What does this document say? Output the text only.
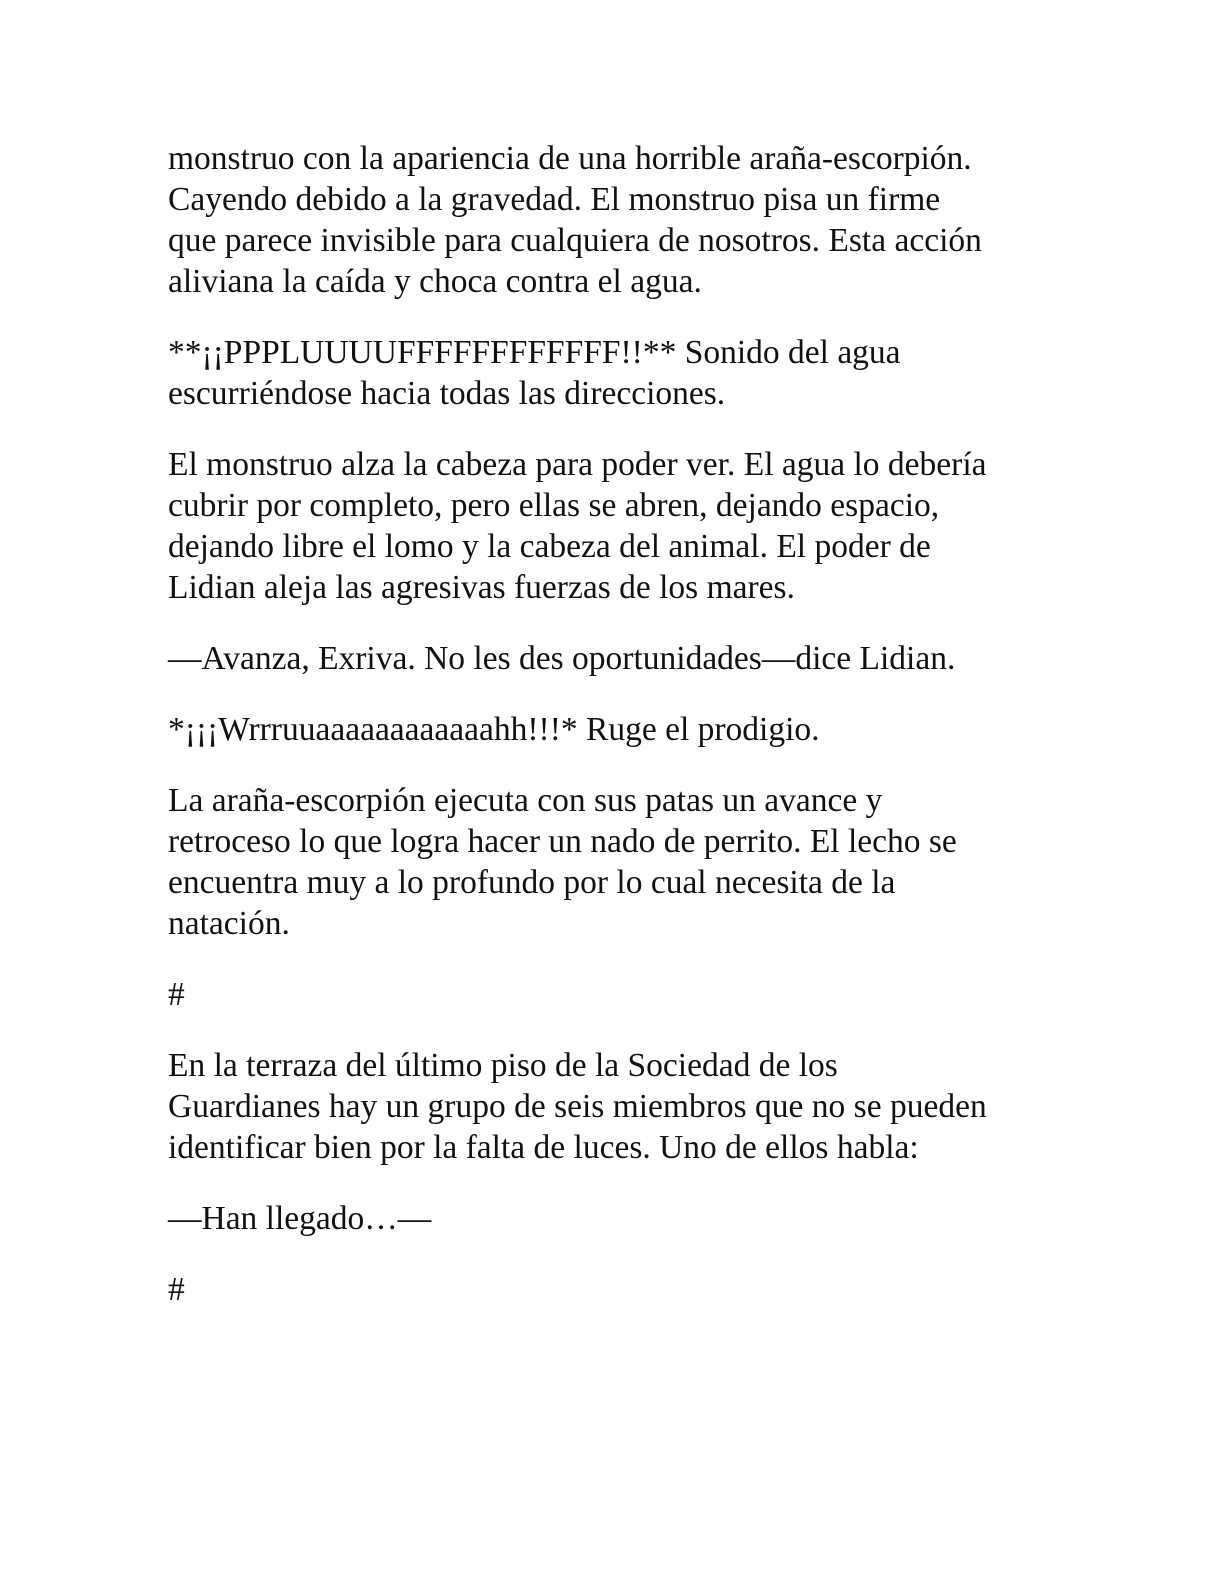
monstruo con la apariencia de una horrible araña-escorpión.
Cayendo debido a la gravedad. El monstruo pisa un firme
que parece invisible para cualquiera de nosotros. Esta acción
aliviana la caída y choca contra el agua.

**¡¡PPPLUUUUFFFFFFFFFFFF!!** Sonido del agua
escurriéndose hacia todas las direcciones.

El monstruo alza la cabeza para poder ver. El agua lo debería
cubrir por completo, pero ellas se abren, dejando espacio,
dejando libre el lomo y la cabeza del animal. El poder de
Lidian aleja las agresivas fuerzas de los mares.

—Avanza, Exriva. No les des oportunidades—dice Lidian.

*¡¡¡Wrrruuaaaaaaaaaaaahh!!!* Ruge el prodigio.

La araña-escorpión ejecuta con sus patas un avance y
retroceso lo que logra hacer un nado de perrito. El lecho se
encuentra muy a lo profundo por lo cual necesita de la
natación.

#

En la terraza del último piso de la Sociedad de los
Guardianes hay un grupo de seis miembros que no se pueden
identificar bien por la falta de luces. Uno de ellos habla:

—Han llegado…—

#
